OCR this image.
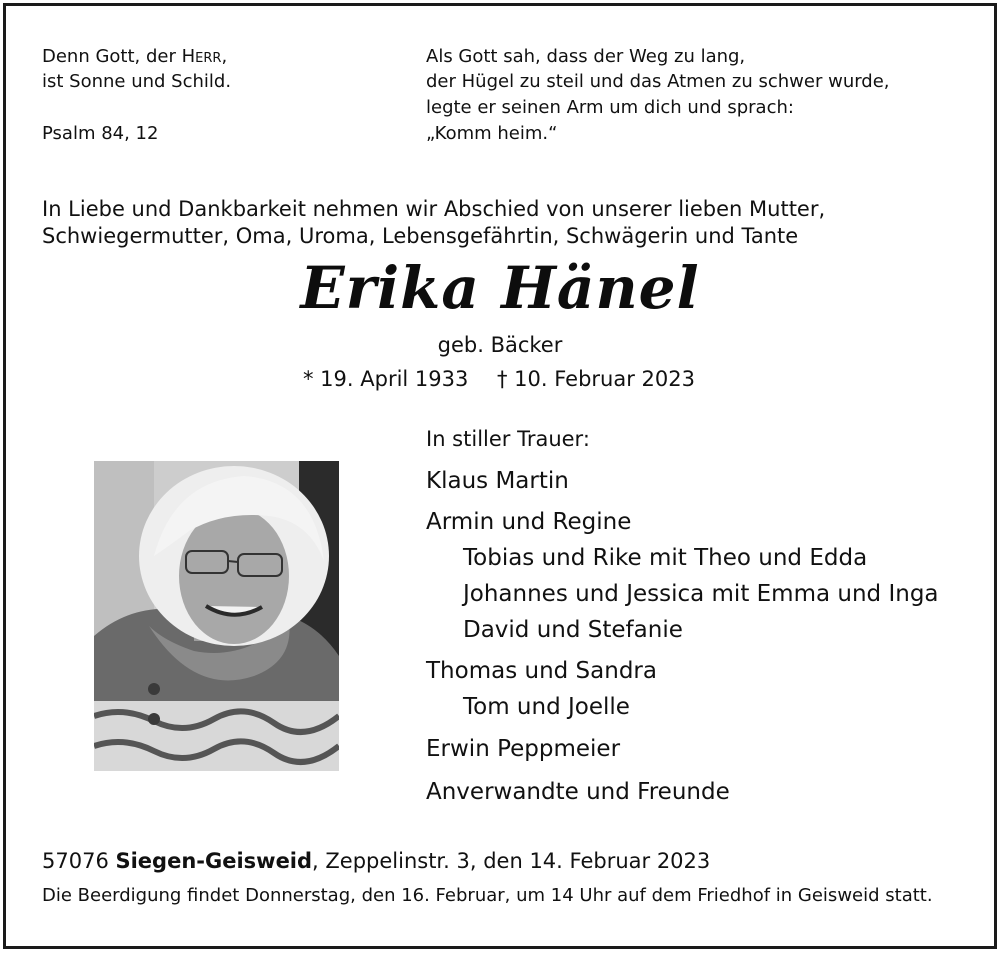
Denn Gott, der Herr,
ist Sonne und Schild.
Psalm 84, 12
Als Gott sah, dass der Weg zu lang,
der Hügel zu steil und das Atmen zu schwer wurde,
legte er seinen Arm um dich und sprach:
„Komm heim.“
In Liebe und Dankbarkeit nehmen wir Abschied von unserer lieben Mutter,
Schwiegermutter, Oma, Uroma, Lebensgefährtin, Schwägerin und Tante
Erika Hänel
geb. Bäcker
* 19. April 1933 † 10. Februar 2023
In stiller Trauer:
Klaus Martin
Armin und Regine
Tobias und Rike mit Theo und Edda
Johannes und Jessica mit Emma und Inga
David und Stefanie
Thomas und Sandra
Tom und Joelle
Erwin Peppmeier
Anverwandte und Freunde
57076 Siegen-Geisweid, Zeppelinstr. 3, den 14. Februar 2023
Die Beerdigung findet Donnerstag, den 16. Februar, um 14 Uhr auf dem Friedhof in Geisweid statt.
